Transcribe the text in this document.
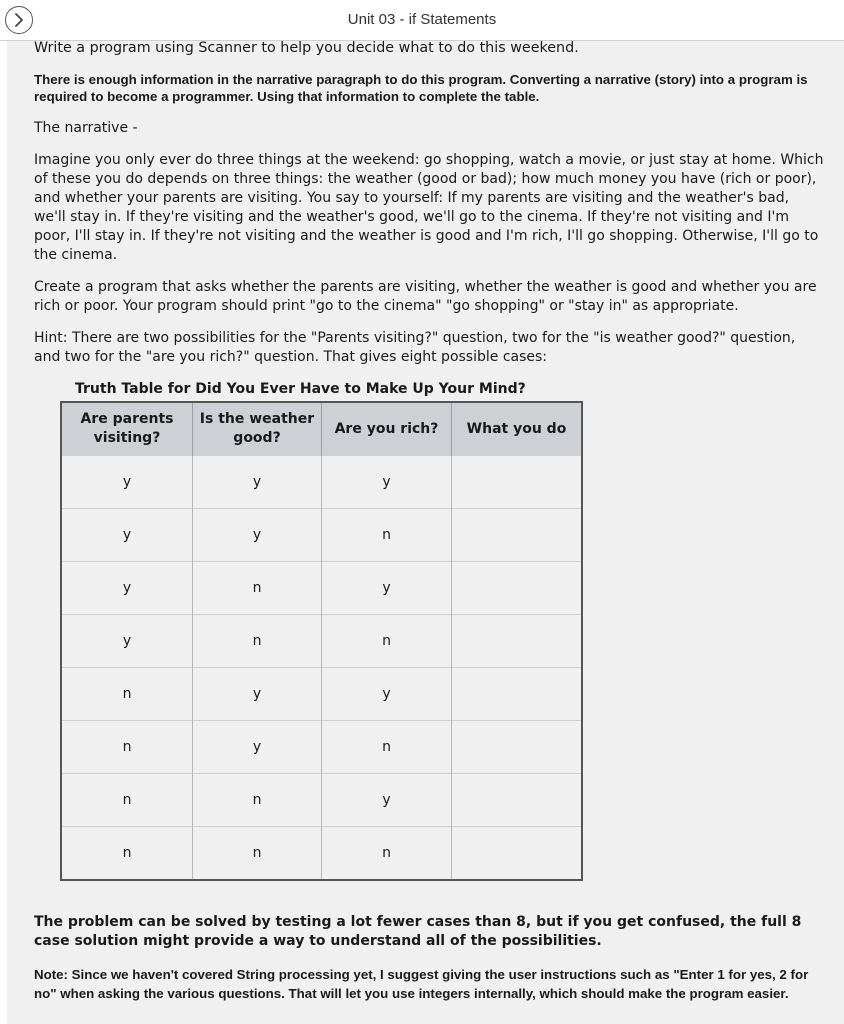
Unit 03 - if Statements

Write a program using Scanner to help you decide what to do this weekend.

There is enough information in the narrative paragraph to do this program. Converting a narrative (story) into a program is required to become a programmer. Using that information to complete the table.

The narrative -

Imagine you only ever do three things at the weekend: go shopping, watch a movie, or just stay at home. Which of these you do depends on three things: the weather (good or bad); how much money you have (rich or poor), and whether your parents are visiting. You say to yourself: If my parents are visiting and the weather's bad, we'll stay in. If they're visiting and the weather's good, we'll go to the cinema. If they're not visiting and I'm poor, I'll stay in. If they're not visiting and the weather is good and I'm rich, I'll go shopping. Otherwise, I'll go to the cinema.

Create a program that asks whether the parents are visiting, whether the weather is good and whether you are rich or poor. Your program should print "go to the cinema" "go shopping" or "stay in" as appropriate.

Hint: There are two possibilities for the "Parents visiting?" question, two for the "is weather good?" question, and two for the "are you rich?" question. That gives eight possible cases:

Truth Table for Did You Ever Have to Make Up Your Mind?
Are parents visiting?	Is the weather good?	Are you rich?	What you do
y	y	y	
y	y	n	
y	n	y	
y	n	n	
n	y	y	
n	y	n	
n	n	y	
n	n	n	

The problem can be solved by testing a lot fewer cases than 8, but if you get confused, the full 8 case solution might provide a way to understand all of the possibilities.

Note: Since we haven't covered String processing yet, I suggest giving the user instructions such as "Enter 1 for yes, 2 for no" when asking the various questions. That will let you use integers internally, which should make the program easier.
